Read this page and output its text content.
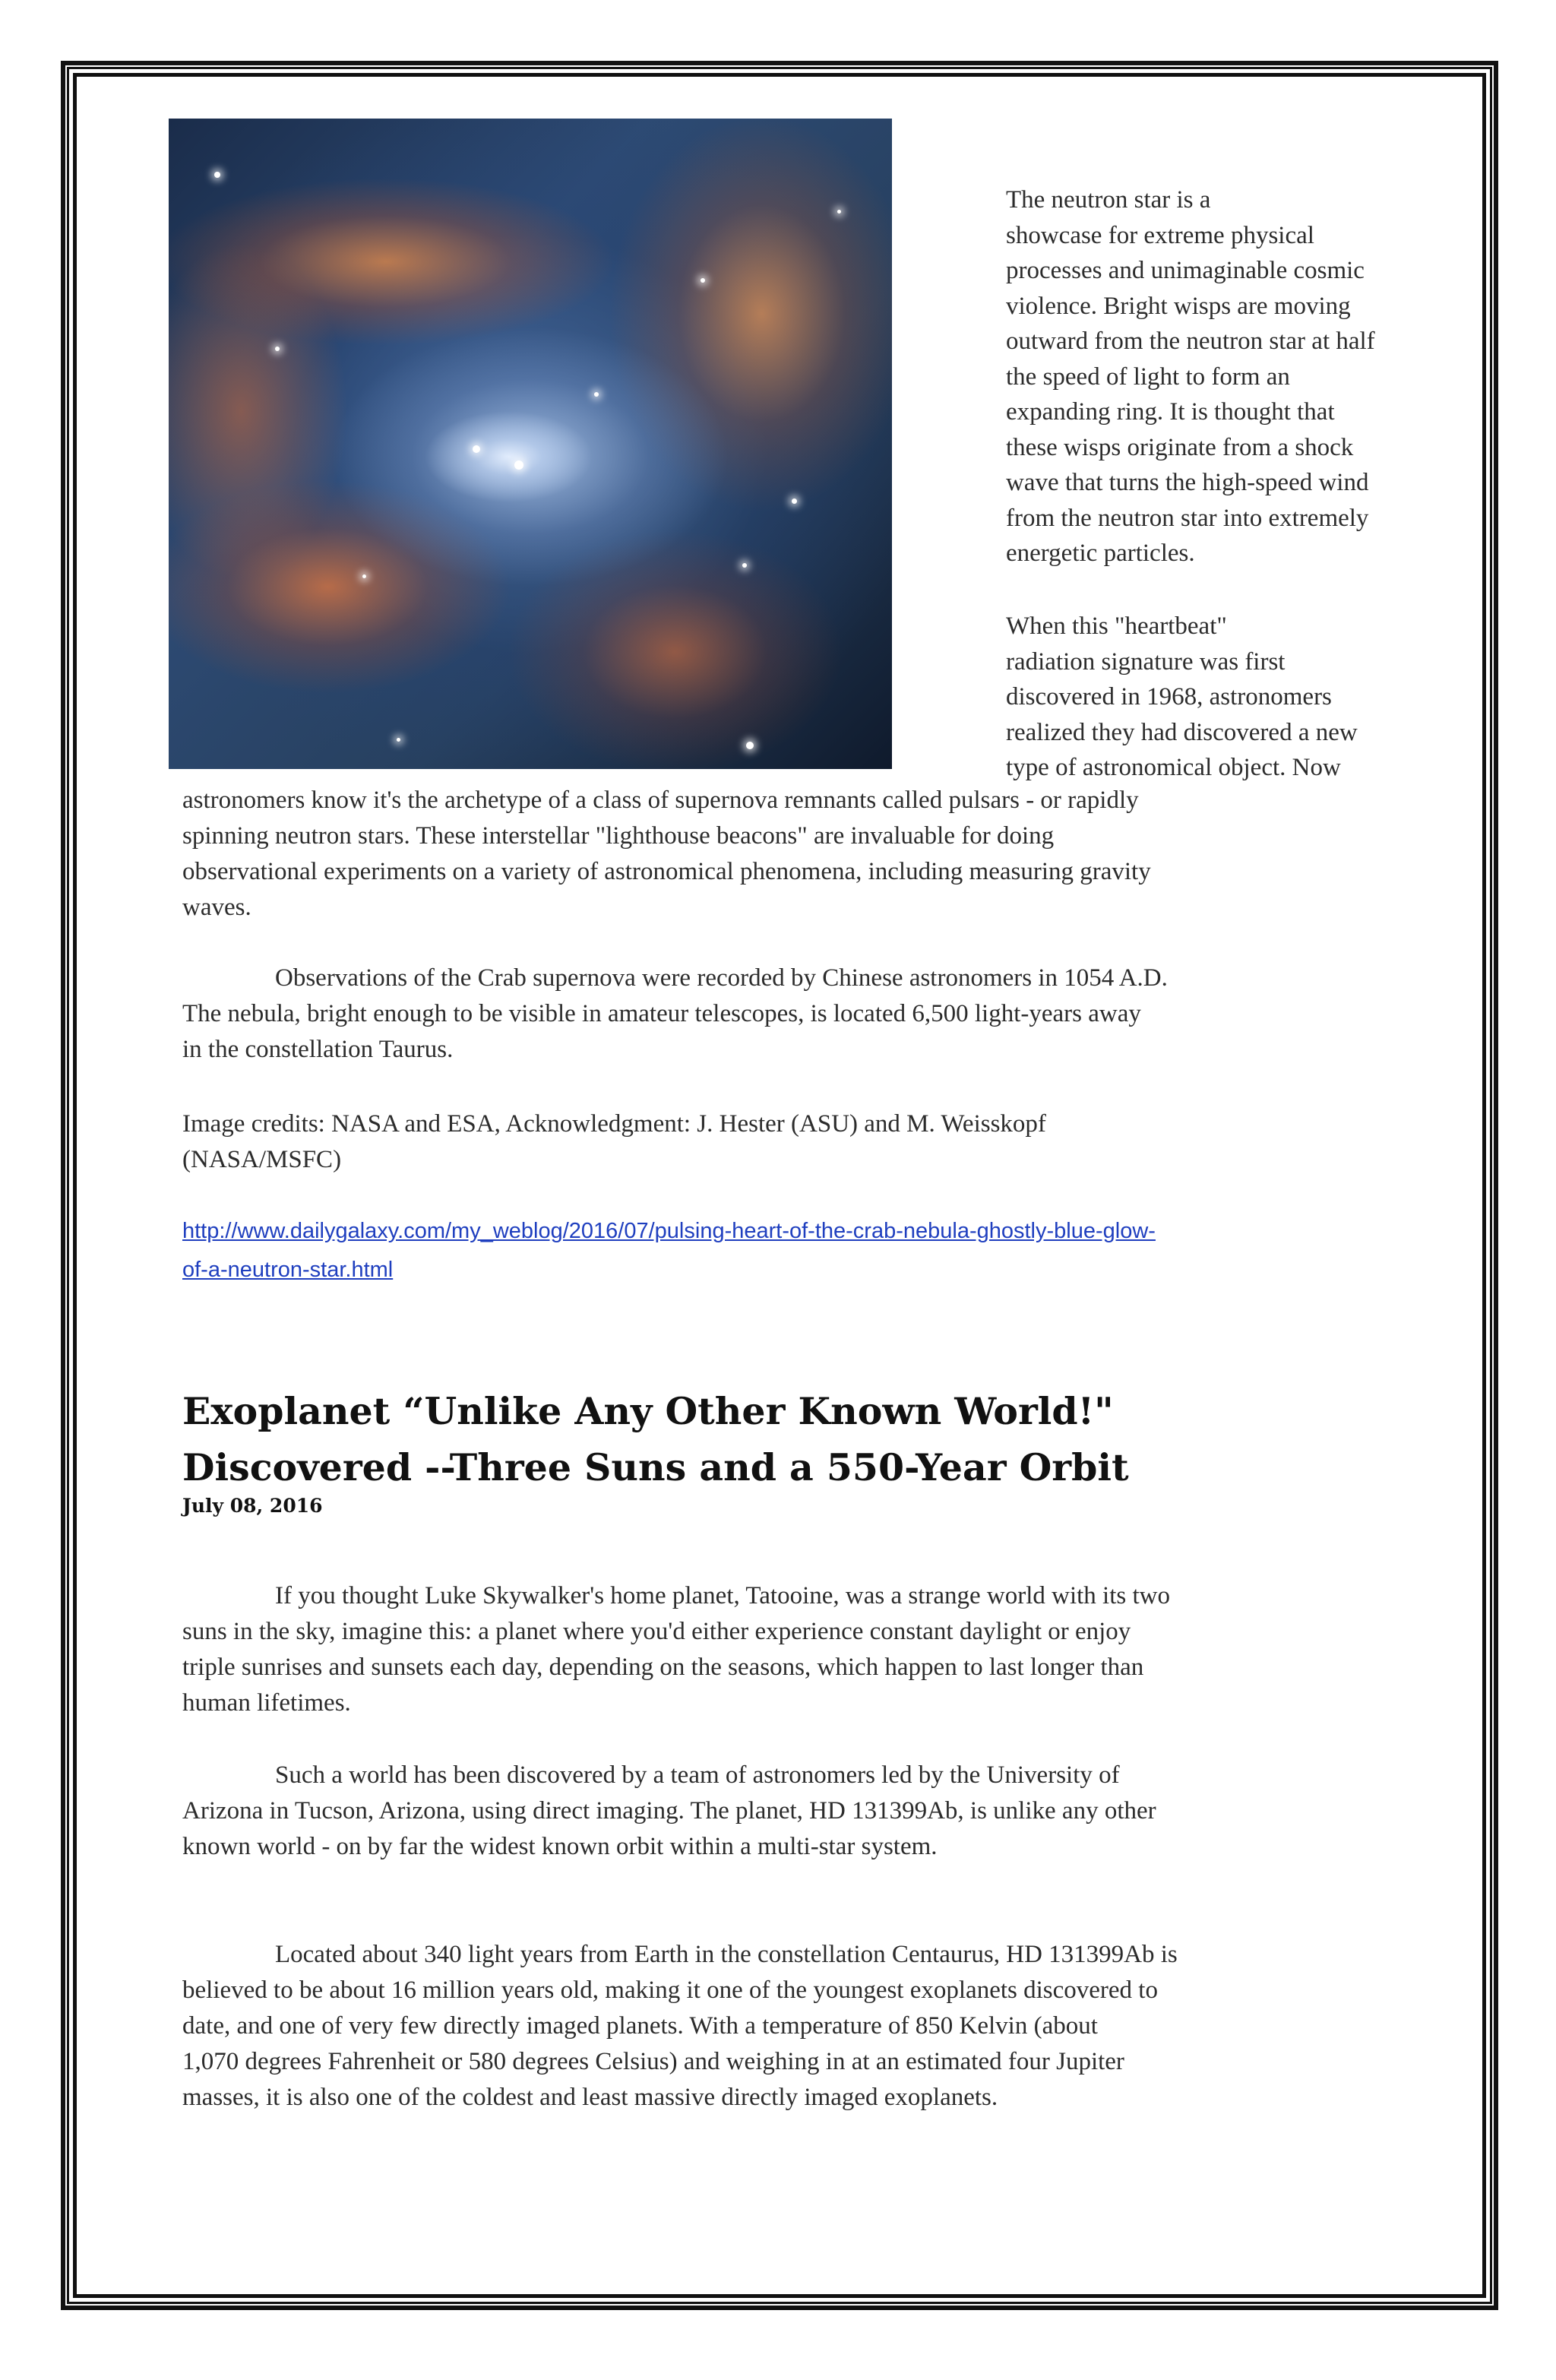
The neutron star is a
showcase for extreme physical
processes and unimaginable cosmic
violence. Bright wisps are moving
outward from the neutron star at half
the speed of light to form an
expanding ring. It is thought that
these wisps originate from a shock
wave that turns the high-speed wind
from the neutron star into extremely
energetic particles.
When this "heartbeat"
radiation signature was first
discovered in 1968, astronomers
realized they had discovered a new
type of astronomical object. Now
astronomers know it's the archetype of a class of supernova remnants called pulsars - or rapidly
spinning neutron stars. These interstellar "lighthouse beacons" are invaluable for doing
observational experiments on a variety of astronomical phenomena, including measuring gravity
waves.
Observations of the Crab supernova were recorded by Chinese astronomers in 1054 A.D.
The nebula, bright enough to be visible in amateur telescopes, is located 6,500 light-years away
in the constellation Taurus.
Image credits: NASA and ESA, Acknowledgment: J. Hester (ASU) and M. Weisskopf
(NASA/MSFC)
http://www.dailygalaxy.com/my_weblog/2016/07/pulsing-heart-of-the-crab-nebula-ghostly-blue-glow-
of-a-neutron-star.html
Exoplanet “Unlike Any Other Known World!"
Discovered --Three Suns and a 550-Year Orbit
July 08, 2016
If you thought Luke Skywalker's home planet, Tatooine, was a strange world with its two
suns in the sky, imagine this: a planet where you'd either experience constant daylight or enjoy
triple sunrises and sunsets each day, depending on the seasons, which happen to last longer than
human lifetimes.
Such a world has been discovered by a team of astronomers led by the University of
Arizona in Tucson, Arizona, using direct imaging. The planet, HD 131399Ab, is unlike any other
known world - on by far the widest known orbit within a multi-star system.
Located about 340 light years from Earth in the constellation Centaurus, HD 131399Ab is
believed to be about 16 million years old, making it one of the youngest exoplanets discovered to
date, and one of very few directly imaged planets. With a temperature of 850 Kelvin (about
1,070 degrees Fahrenheit or 580 degrees Celsius) and weighing in at an estimated four Jupiter
masses, it is also one of the coldest and least massive directly imaged exoplanets.
